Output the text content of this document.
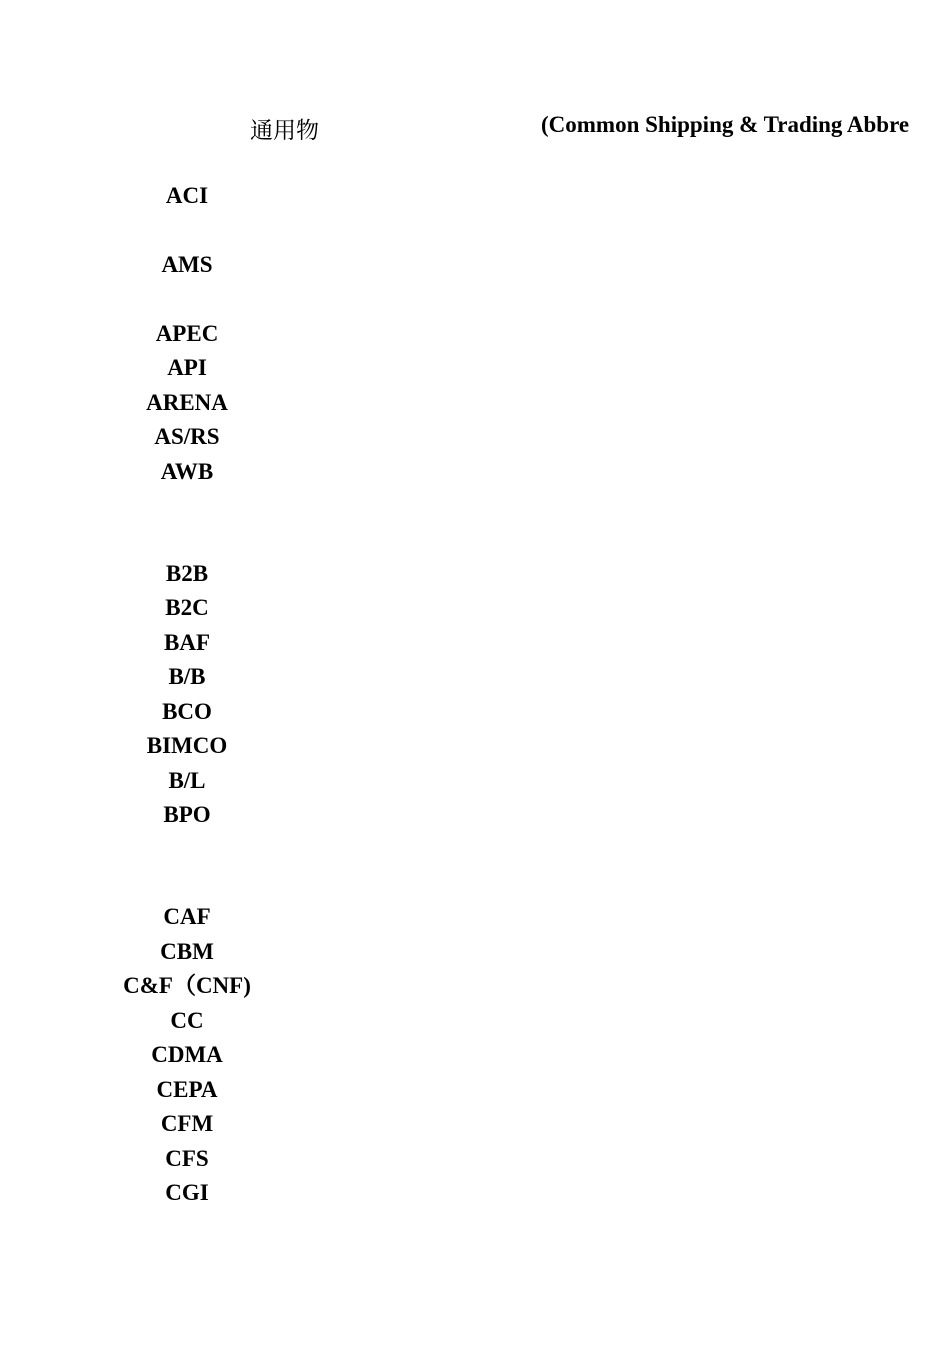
通用物	(Common Shipping & Trading Abbre
ACI
AMS
APEC
API
ARENA
AS/RS
AWB
B2B
B2C
BAF
B/B
BCO
BIMCO
B/L
BPO
CAF
CBM
C&F（CNF)
CC
CDMA
CEPA
CFM
CFS
CGI
